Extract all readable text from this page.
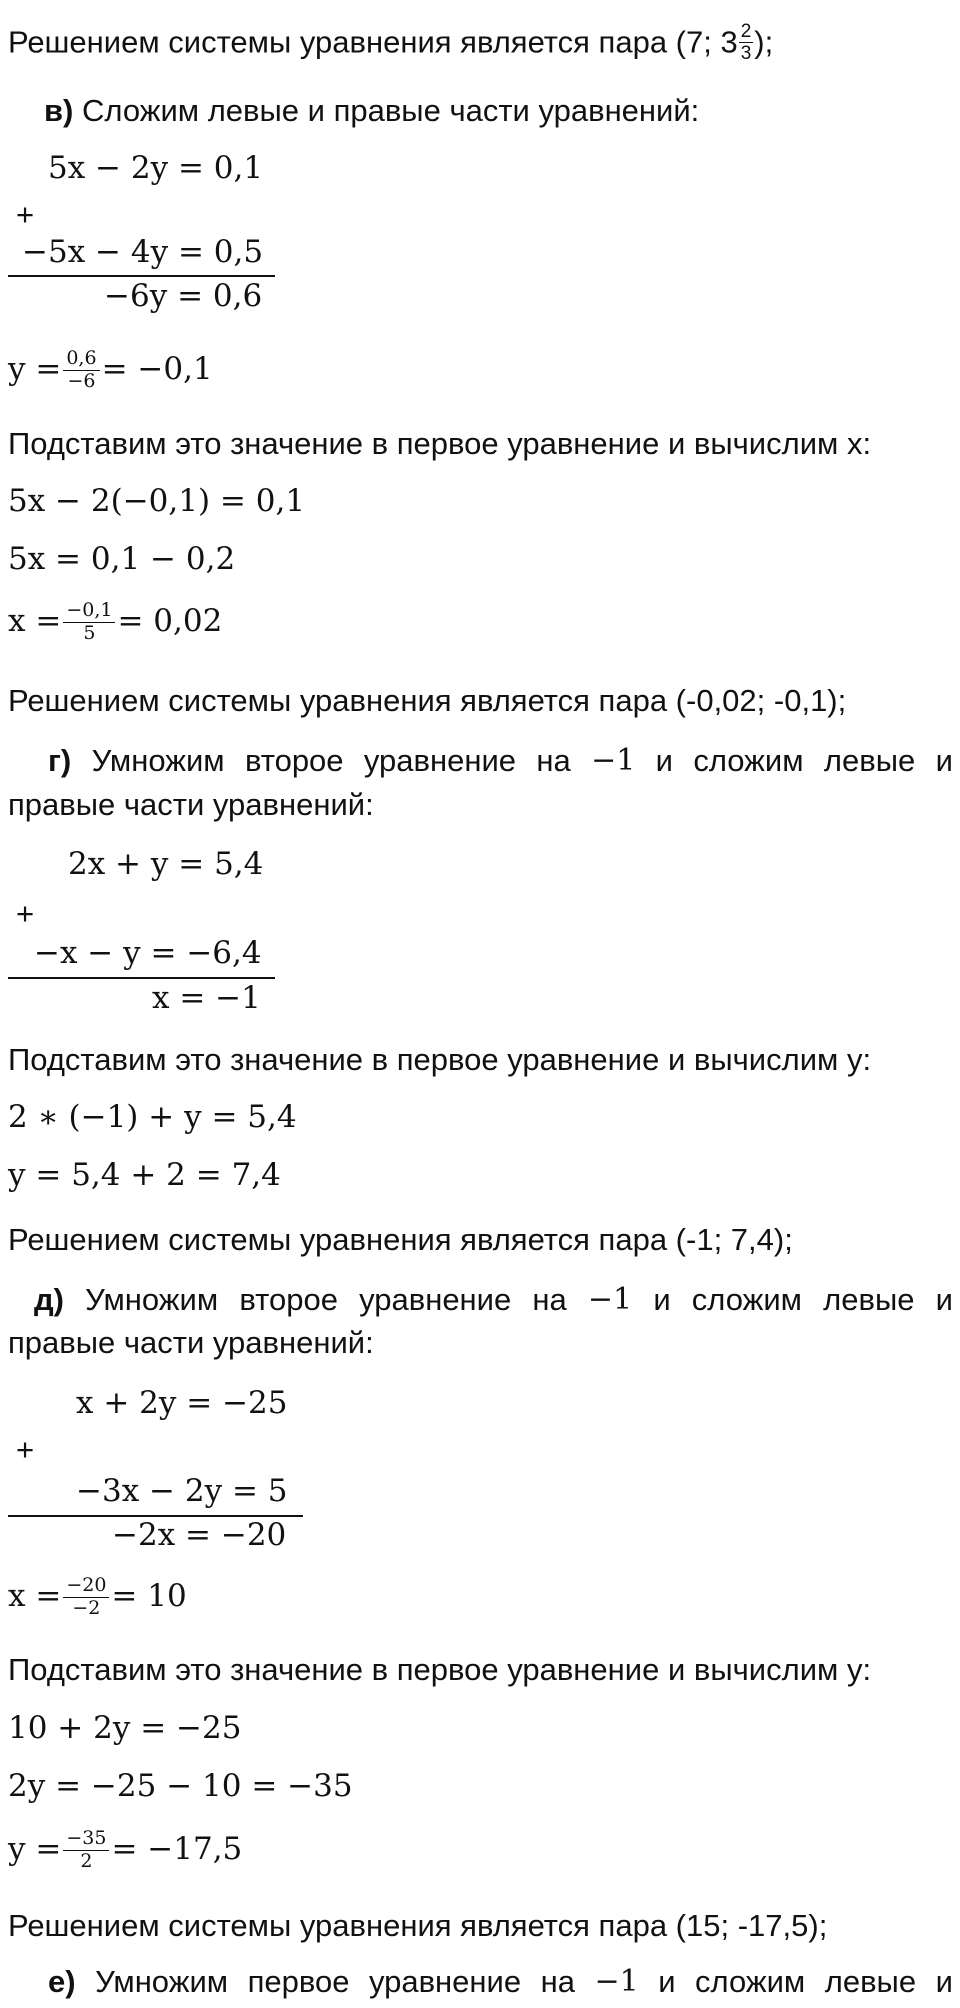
Решением системы уравнения является пара (7; $3 \frac{2}{3}$ );
в) Сложим левые и правые части уравнений:
5x − 2y = 0,1
+
−5x − 4y = 0,5
−6y = 0,6
$y = \frac{0,6}{-6} = -0,1$
Подставим это значение в первое уравнение и вычислим x:
5x − 2(−0,1) = 0,1
5x = 0,1 − 0,2
$x = \frac{-0,1}{5} = 0,02$
Решением системы уравнения является пара (-0,02; -0,1);
г) Умножим второе уравнение на −1 и сложим левые и
правые части уравнений:
2x + y = 5,4
+
−x − y = −6,4
x = −1
Подставим это значение в первое уравнение и вычислим y:
2 ∗ (−1) + y = 5,4
y = 5,4 + 2 = 7,4
Решением системы уравнения является пара (-1; 7,4);
д) Умножим второе уравнение на −1 и сложим левые и
правые части уравнений:
x + 2y = −25
+
−3x − 2y = 5
−2x = −20
$x = \frac{-20}{-2} = 10$
Подставим это значение в первое уравнение и вычислим y:
10 + 2y = −25
2y = −25 − 10 = −35
$y = \frac{-35}{2} = -17,5$
Решением системы уравнения является пара (15; -17,5);
е) Умножим первое уравнение на −1 и сложим левые и
